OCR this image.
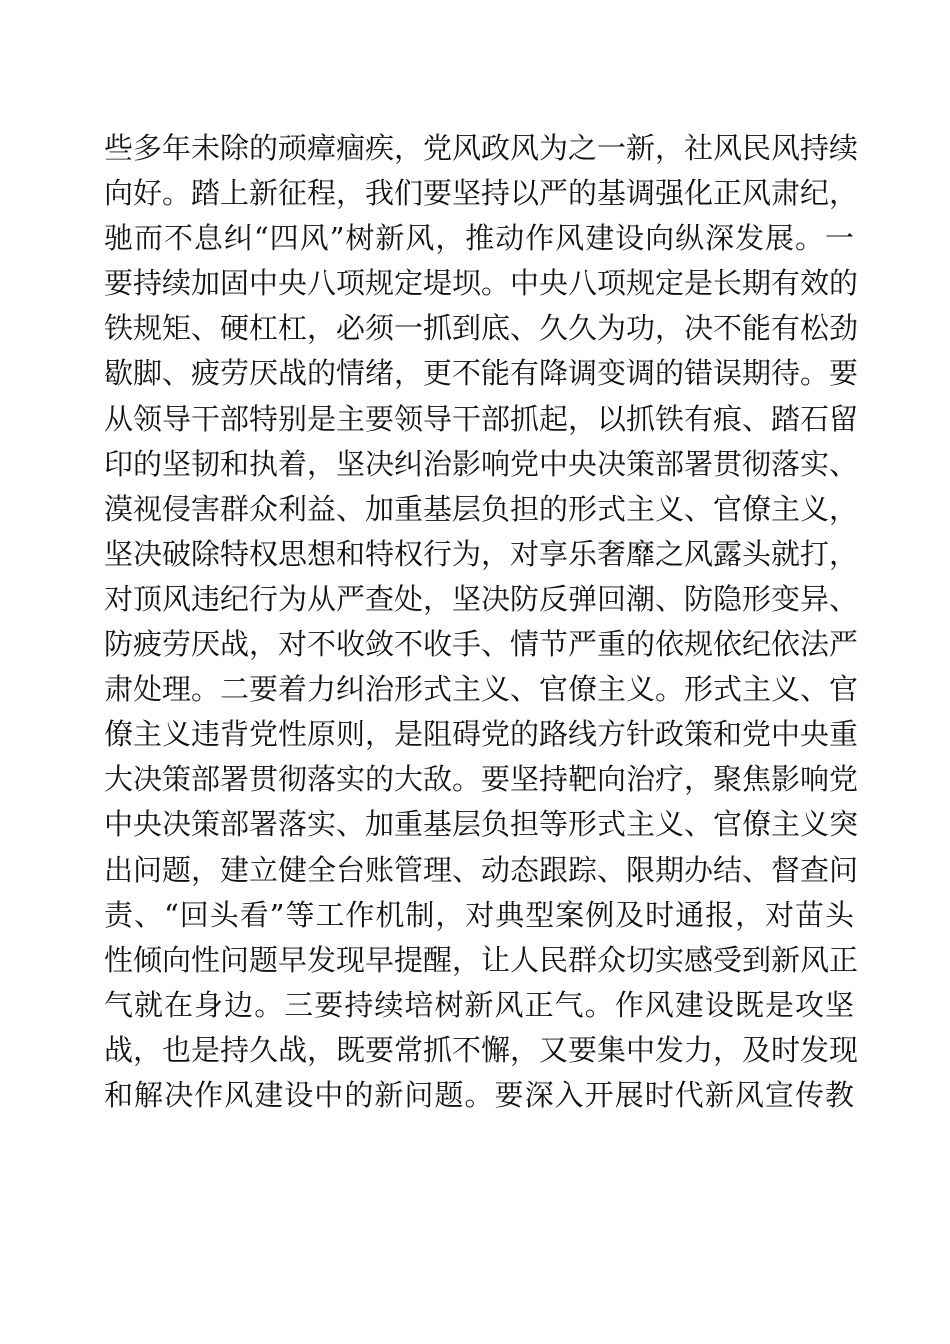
些多年未除的顽瘴痼疾，党风政风为之一新，社风民风持续
向好。踏上新征程，我们要坚持以严的基调强化正风肃纪，
驰而不息纠“四风”树新风，推动作风建设向纵深发展。一
要持续加固中央八项规定堤坝。中央八项规定是长期有效的
铁规矩、硬杠杠，必须一抓到底、久久为功，决不能有松劲
歇脚、疲劳厌战的情绪，更不能有降调变调的错误期待。要
从领导干部特别是主要领导干部抓起，以抓铁有痕、踏石留
印的坚韧和执着，坚决纠治影响党中央决策部署贯彻落实、
漠视侵害群众利益、加重基层负担的形式主义、官僚主义，
坚决破除特权思想和特权行为，对享乐奢靡之风露头就打，
对顶风违纪行为从严查处，坚决防反弹回潮、防隐形变异、
防疲劳厌战，对不收敛不收手、情节严重的依规依纪依法严
肃处理。二要着力纠治形式主义、官僚主义。形式主义、官
僚主义违背党性原则，是阻碍党的路线方针政策和党中央重
大决策部署贯彻落实的大敌。要坚持靶向治疗，聚焦影响党
中央决策部署落实、加重基层负担等形式主义、官僚主义突
出问题，建立健全台账管理、动态跟踪、限期办结、督查问
责、“回头看”等工作机制，对典型案例及时通报，对苗头
性倾向性问题早发现早提醒，让人民群众切实感受到新风正
气就在身边。三要持续培树新风正气。作风建设既是攻坚
战，也是持久战，既要常抓不懈，又要集中发力，及时发现
和解决作风建设中的新问题。要深入开展时代新风宣传教
